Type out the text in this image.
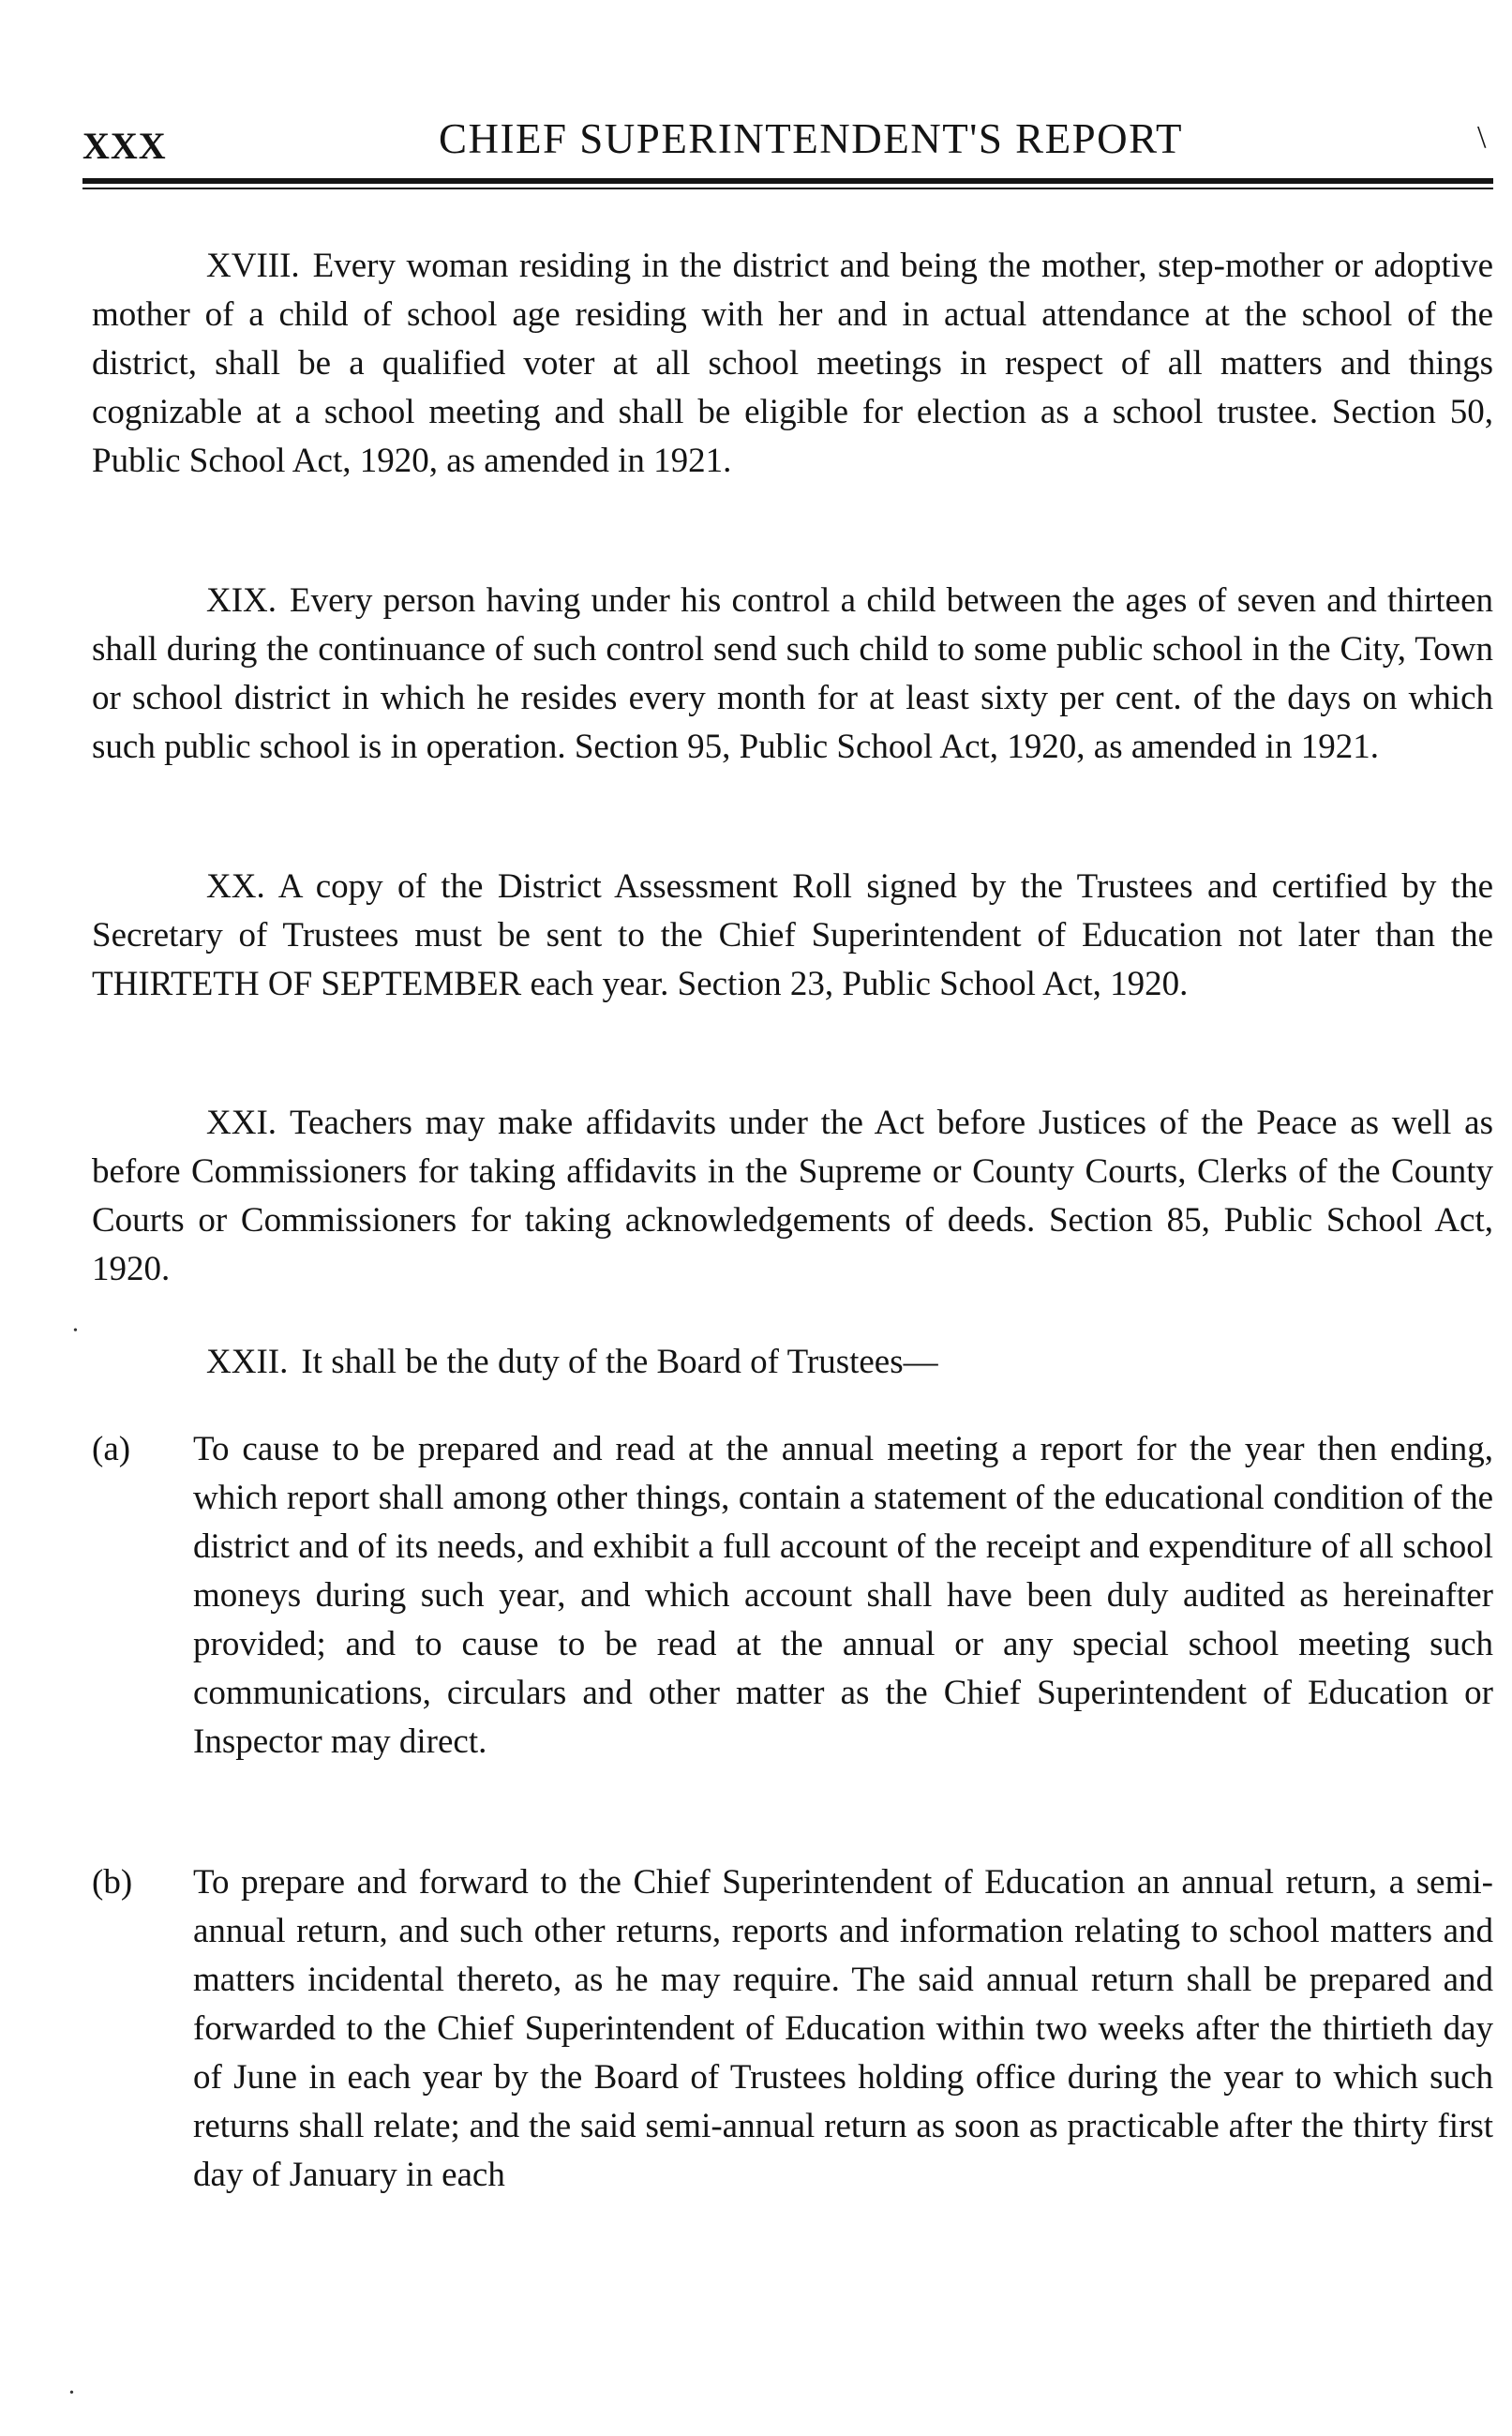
XXX	CHIEF SUPERINTENDENT'S REPORT	\

XVIII. Every woman residing in the district and being the mother, step-mother or adoptive mother of a child of school age residing with her and in actual attendance at the school of the district, shall be a qualified voter at all school meetings in respect of all matters and things cognizable at a school meeting and shall be eligible for election as a school trustee. Section 50, Public School Act, 1920, as amended in 1921.

XIX. Every person having under his control a child between the ages of seven and thirteen shall during the continuance of such control send such child to some public school in the City, Town or school district in which he resides every month for at least sixty per cent. of the days on which such public school is in operation. Section 95, Public School Act, 1920, as amended in 1921.

XX. A copy of the District Assessment Roll signed by the Trustees and certified by the Secretary of Trustees must be sent to the Chief Superintendent of Education not later than the THIRTETH OF SEPTEMBER each year. Section 23, Public School Act, 1920.

XXI. Teachers may make affidavits under the Act before Justices of the Peace as well as before Commissioners for taking affidavits in the Supreme or County Courts, Clerks of the County Courts or Commissioners for taking acknowledgements of deeds. Section 85, Public School Act, 1920.

XXII. It shall be the duty of the Board of Trustees—

(a) To cause to be prepared and read at the annual meeting a report for the year then ending, which report shall among other things, contain a statement of the educational condition of the district and of its needs, and exhibit a full account of the receipt and expenditure of all school moneys during such year, and which account shall have been duly audited as hereinafter provided; and to cause to be read at the annual or any special school meeting such communications, circulars and other matter as the Chief Superintendent of Education or Inspector may direct.

(b) To prepare and forward to the Chief Superintendent of Education an annual return, a semi-annual return, and such other returns, reports and information relating to school matters and matters incidental thereto, as he may require. The said annual return shall be prepared and forwarded to the Chief Superintendent of Education within two weeks after the thirtieth day of June in each year by the Board of Trustees holding office during the year to which such returns shall relate; and the said semi-annual return as soon as practicable after the thirty first day of January in each

•
•
